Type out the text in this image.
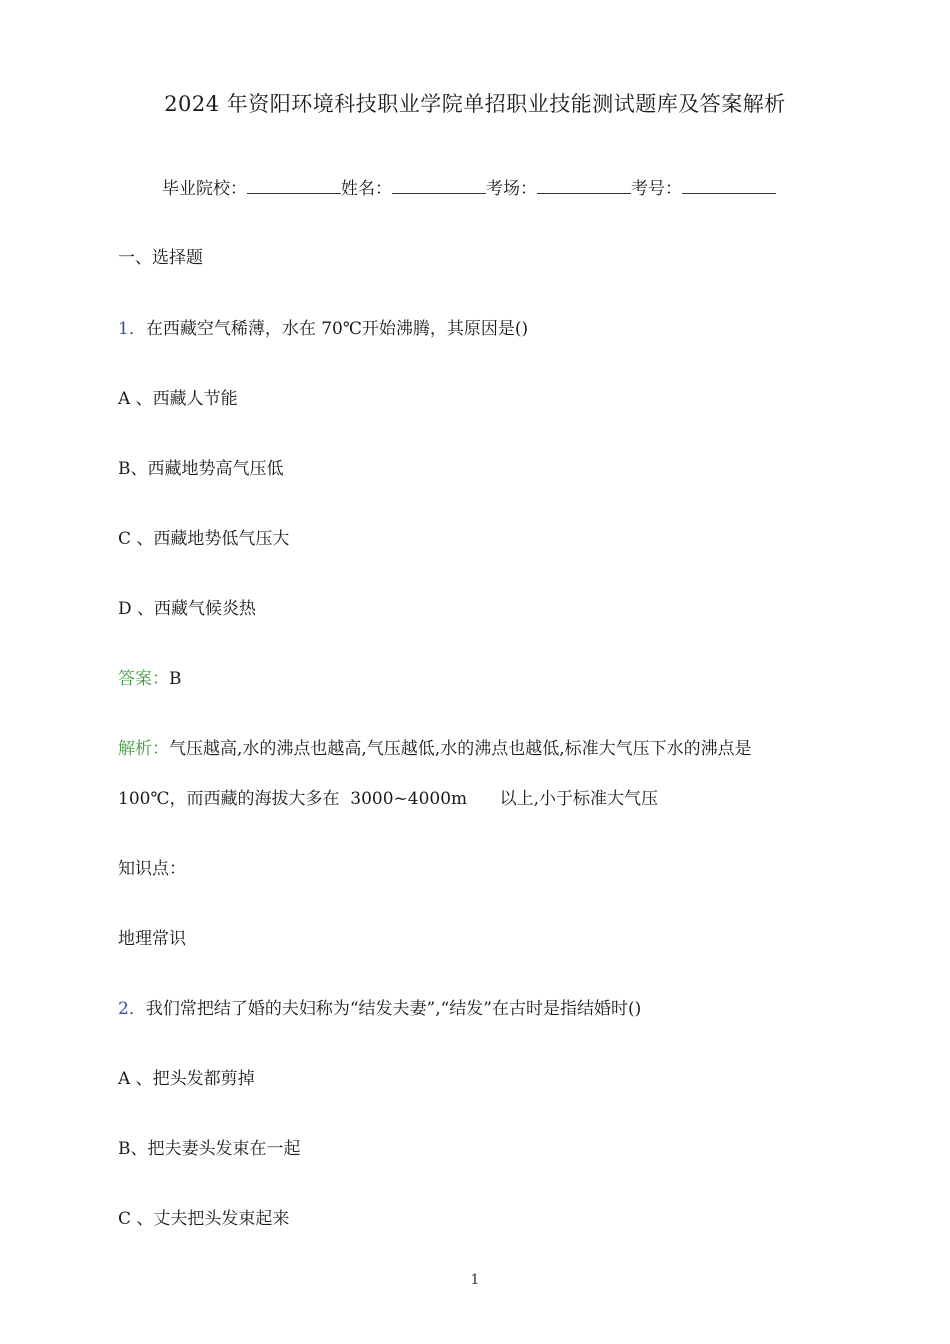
2024 年资阳环境科技职业学院单招职业技能测试题库及答案解析
毕业院校：	姓名：	考场：	考号：
一、选择题
1．在西藏空气稀薄，水在 70℃开始沸腾，其原因是()
A 、西藏人节能
B、西藏地势高气压低
C 、西藏地势低气压大
D 、西藏气候炎热
答案：B
解析：气压越高,水的沸点也越高,气压越低,水的沸点也越低,标准大气压下水的沸点是
100℃，而西藏的海拔大多在  3000~4000m      以上,小于标准大气压
知识点：
地理常识
2．我们常把结了婚的夫妇称为“结发夫妻”,“结发”在古时是指结婚时()
A 、把头发都剪掉
B、把夫妻头发束在一起
C 、丈夫把头发束起来
1
